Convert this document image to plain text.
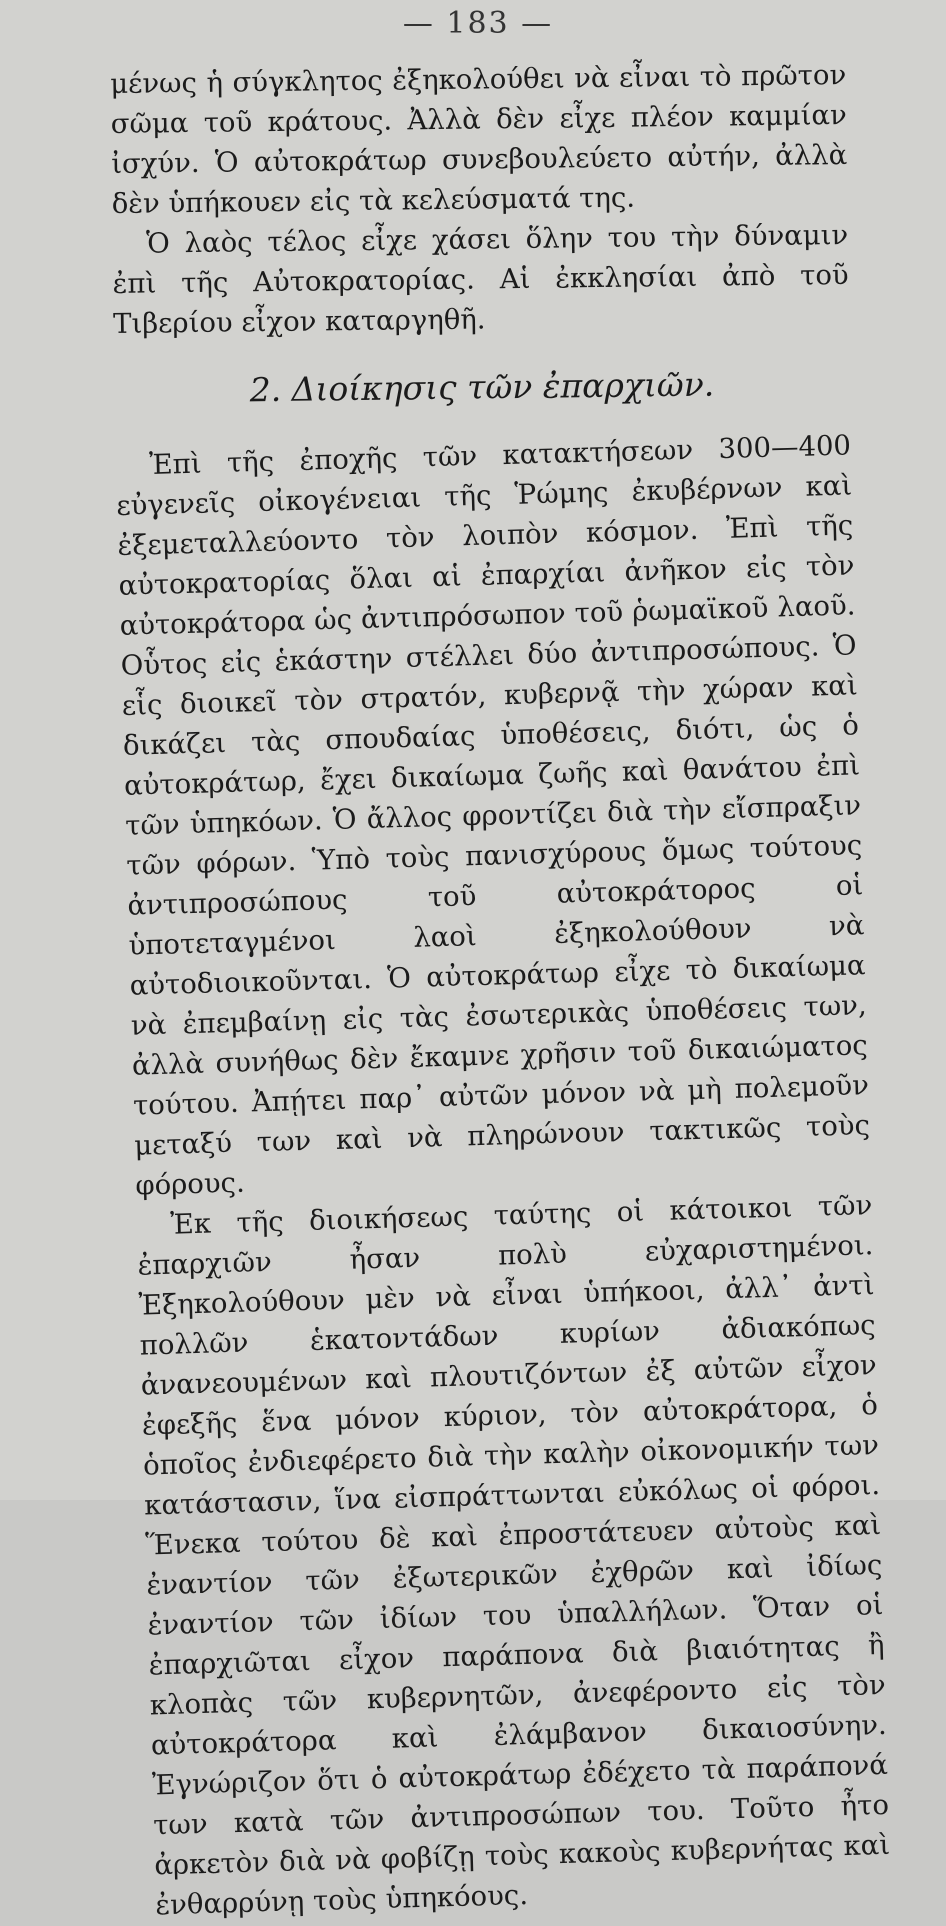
— 183 —

μένως ἡ σύγκλητος ἐξηκολούθει νὰ εἶναι τὸ πρῶτον σῶμα τοῦ κράτους. Ἀλλὰ δὲν εἶχε πλέον καμμίαν ἰσχύν. Ὁ αὐτοκράτωρ συνεβουλεύετο αὐτήν, ἀλλὰ δὲν ὑπήκουεν εἰς τὰ κελεύσματά της.

Ὁ λαὸς τέλος εἶχε χάσει ὅλην του τὴν δύναμιν ἐπὶ τῆς Αὐτοκρατορίας. Αἱ ἐκκλησίαι ἀπὸ τοῦ Τιβερίου εἶχον καταργηθῆ.

2. Διοίκησις τῶν ἐπαρχιῶν.

Ἐπὶ τῆς ἐποχῆς τῶν κατακτήσεων 300—400 εὐγενεῖς οἰκογένειαι τῆς Ῥώμης ἐκυβέρνων καὶ ἐξεμεταλλεύοντο τὸν λοιπὸν κόσμον. Ἐπὶ τῆς αὐτοκρατορίας ὅλαι αἱ ἐπαρχίαι ἀνῆκον εἰς τὸν αὐτοκράτορα ὡς ἀντιπρόσωπον τοῦ ῥωμαϊκοῦ λαοῦ. Οὗτος εἰς ἑκάστην στέλλει δύο ἀντιπροσώπους. Ὁ εἷς διοικεῖ τὸν στρατόν, κυβερνᾷ τὴν χώραν καὶ δικάζει τὰς σπουδαίας ὑποθέσεις, διότι, ὡς ὁ αὐτοκράτωρ, ἔχει δικαίωμα ζωῆς καὶ θανάτου ἐπὶ τῶν ὑπηκόων. Ὁ ἄλλος φροντίζει διὰ τὴν εἴσπραξιν τῶν φόρων. Ὑπὸ τοὺς πανισχύρους ὅμως τούτους ἀντιπροσώπους τοῦ αὐτοκράτορος οἱ ὑποτεταγμένοι λαοὶ ἐξηκολούθουν νὰ αὐτοδιοικοῦνται. Ὁ αὐτοκράτωρ εἶχε τὸ δικαίωμα νὰ ἐπεμβαίνῃ εἰς τὰς ἐσωτερικὰς ὑποθέσεις των, ἀλλὰ συνήθως δὲν ἔκαμνε χρῆσιν τοῦ δικαιώματος τούτου. Ἀπῄτει παρ᾽ αὐτῶν μόνον νὰ μὴ πολεμοῦν μεταξύ των καὶ νὰ πληρώνουν τακτικῶς τοὺς φόρους.

Ἐκ τῆς διοικήσεως ταύτης οἱ κάτοικοι τῶν ἐπαρχιῶν ἦσαν πολὺ εὐχαριστημένοι. Ἐξηκολούθουν μὲν νὰ εἶναι ὑπήκοοι, ἀλλ᾽ ἀντὶ πολλῶν ἑκατοντάδων κυρίων ἀδιακόπως ἀνανεουμένων καὶ πλουτιζόντων ἐξ αὐτῶν εἶχον ἐφεξῆς ἕνα μόνον κύριον, τὸν αὐτοκράτορα, ὁ ὁποῖος ἐνδιεφέρετο διὰ τὴν καλὴν οἰκονομικήν των κατάστασιν, ἵνα εἰσπράττωνται εὐκόλως οἱ φόροι. Ἕνεκα τούτου δὲ καὶ ἐπροστάτευεν αὐτοὺς καὶ ἐναντίον τῶν ἐξωτερικῶν ἐχθρῶν καὶ ἰδίως ἐναντίον τῶν ἰδίων του ὑπαλλήλων. Ὅταν οἱ ἐπαρχιῶται εἶχον παράπονα διὰ βιαιότητας ἢ κλοπὰς τῶν κυβερνητῶν, ἀνεφέροντο εἰς τὸν αὐτοκράτορα καὶ ἐλάμβανον δικαιοσύνην. Ἐγνώριζον ὅτι ὁ αὐτοκράτωρ ἐδέχετο τὰ παράπονά των κατὰ τῶν ἀντιπροσώπων του. Τοῦτο ἦτο ἀρκετὸν διὰ νὰ φοβίζῃ τοὺς κακοὺς κυβερνήτας καὶ ἐνθαρρύνῃ τοὺς ὑπηκόους.
